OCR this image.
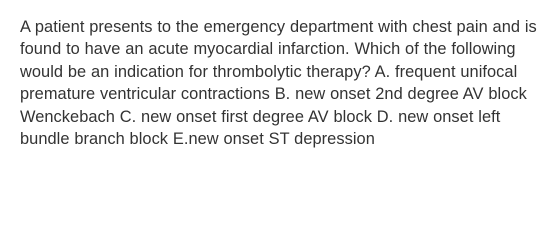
A patient presents to the emergency department with chest pain and is found to have an acute myocardial infarction. Which of the following would be an indication for thrombolytic therapy? A. frequent unifocal premature ventricular contractions B. new onset 2nd degree AV block Wenckebach C. new onset first degree AV block D. new onset left bundle branch block E.new onset ST depression
